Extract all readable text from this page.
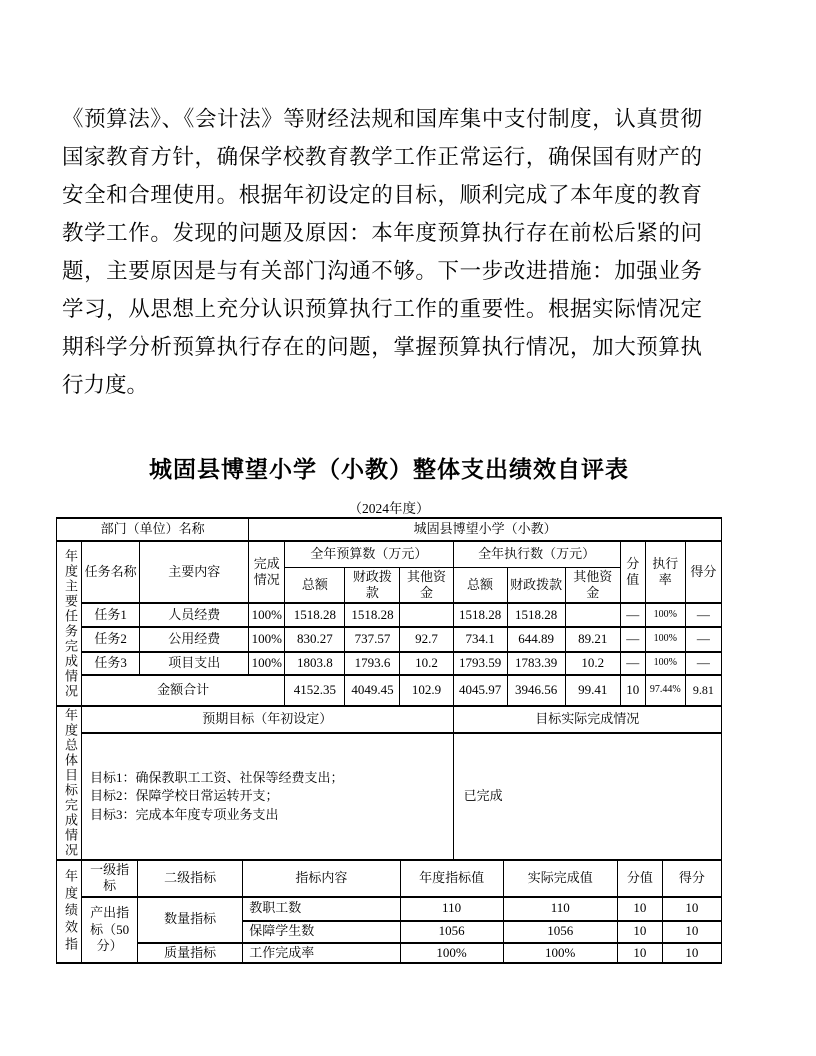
《预算法》、《会计法》等财经法规和国库集中支付制度，认真贯彻国家教育方针，确保学校教育教学工作正常运行，确保国有财产的安全和合理使用。根据年初设定的目标，顺利完成了本年度的教育教学工作。发现的问题及原因：本年度预算执行存在前松后紧的问题，主要原因是与有关部门沟通不够。下一步改进措施：加强业务学习，从思想上充分认识预算执行工作的重要性。根据实际情况定期科学分析预算执行存在的问题，掌握预算执行情况，加大预算执行力度。
城固县博望小学（小教）整体支出绩效自评表
（2024年度）
部门（单位）名称			城固县博望小学（小教）									

年度主要任务完成情况	任务名称	主要内容	完成情况	全年预算数（万元）			全年执行数（万元）			分值	执行率	得分
				总额	财政拨款	其他资金	总额	财政拨款	其他资金			
	任务1	人员经费	100%	1518.28	1518.28		1518.28	1518.28		—	100%	—
	任务2	公用经费	100%	830.27	737.57	92.7	734.1	644.89	89.21	—	100%	—
	任务3	项目支出	100%	1803.8	1793.6	10.2	1793.59	1783.39	10.2	—	100%	—
	金额合计			4152.35	4049.45	102.9	4045.97	3946.56	99.41	10	97.44%	9.81
年度总体目标完成情况	预期目标（年初设定）	目标实际完成情况

	目标1：确保教职工工资、社保等经费支出；
目标2：保障学校日常运转开支；
目标3：完成本年度专项业务支出	已完成
年度绩效指	一级指标	二级指标	指标内容	年度指标值	实际完成值	分值	得分
	产出指标（50分）	数量指标	教职工数	110	110	10	10
			保障学生数	1056	1056	10	10
		质量指标	工作完成率	100%	100%	10	10
